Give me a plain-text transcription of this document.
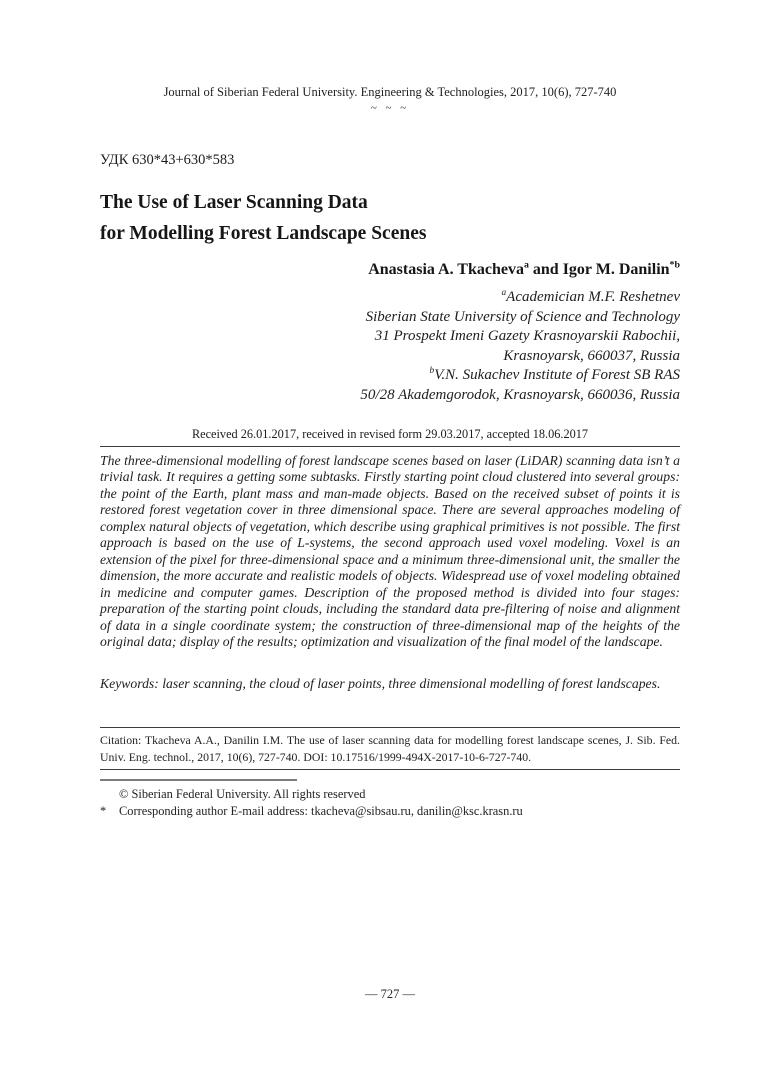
Journal of Siberian Federal University. Engineering & Technologies, 2017, 10(6), 727-740
~ ~ ~
УДК 630*43+630*583
The Use of Laser Scanning Data
for Modelling Forest Landscape Scenes
Anastasia A. Tkacheva$^a$ and Igor M. Danilin$^{*b}$
$^a$Academician M.F. Reshetnev
Siberian State University of Science and Technology
31 Prospekt Imeni Gazety Krasnoyarskii Rabochii,
Krasnoyarsk, 660037, Russia
$^b$V.N. Sukachev Institute of Forest SB RAS
50/28 Akademgorodok, Krasnoyarsk, 660036, Russia
Received 26.01.2017, received in revised form 29.03.2017, accepted 18.06.2017

The three-dimensional modelling of forest landscape scenes based on laser (LiDAR) scanning data isn’t a trivial task. It requires a getting some subtasks. Firstly starting point cloud clustered into several groups: the point of the Earth, plant mass and man-made objects. Based on the received subset of points it is restored forest vegetation cover in three dimensional space. There are several approaches modeling of complex natural objects of vegetation, which describe using graphical primitives is not possible. The first approach is based on the use of L-systems, the second approach used voxel modeling. Voxel is an extension of the pixel for three-dimensional space and a minimum three-dimensional unit, the smaller the dimension, the more accurate and realistic models of objects. Widespread use of voxel modeling obtained in medicine and computer games. Description of the proposed method is divided into four stages: preparation of the starting point clouds, including the standard data pre-filtering of noise and alignment of data in a single coordinate system; the construction of three-dimensional map of the heights of the original data; display of the results; optimization and visualization of the final model of the landscape.

Keywords: laser scanning, the cloud of laser points, three dimensional modelling of forest landscapes.

Citation: Tkacheva A.A., Danilin I.M. The use of laser scanning data for modelling forest landscape scenes, J. Sib. Fed. Univ. Eng. technol., 2017, 10(6), 727-740. DOI: 10.17516/1999-494X-2017-10-6-727-740.

© Siberian Federal University. All rights reserved
* Corresponding author E-mail address: tkacheva@sibsau.ru, danilin@ksc.krasn.ru
— 727 —
